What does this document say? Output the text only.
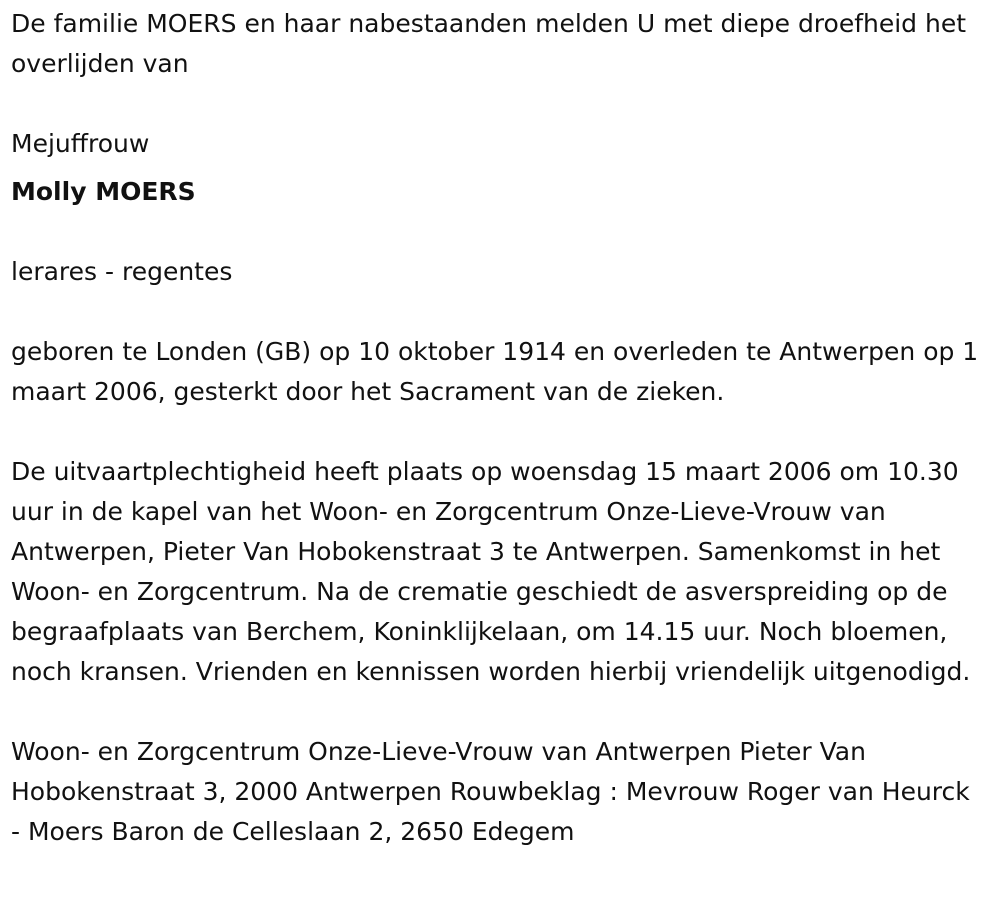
De familie MOERS en haar nabestaanden melden U met diepe droefheid het overlijden van

Mejuffrouw

Molly MOERS

lerares - regentes

geboren te Londen (GB) op 10 oktober 1914 en overleden te Antwerpen op 1 maart 2006, gesterkt door het Sacrament van de zieken.

De uitvaartplechtigheid heeft plaats op woensdag 15 maart 2006 om 10.30 uur in de kapel van het Woon- en Zorgcentrum Onze-Lieve-Vrouw van Antwerpen, Pieter Van Hobokenstraat 3 te Antwerpen. Samenkomst in het Woon- en Zorgcentrum. Na de crematie geschiedt de asverspreiding op de begraafplaats van Berchem, Koninklijkelaan, om 14.15 uur. Noch bloemen, noch kransen. Vrienden en kennissen worden hierbij vriendelijk uitgenodigd.

Woon- en Zorgcentrum Onze-Lieve-Vrouw van Antwerpen Pieter Van Hobokenstraat 3, 2000 Antwerpen Rouwbeklag : Mevrouw Roger van Heurck - Moers Baron de Celleslaan 2, 2650 Edegem
